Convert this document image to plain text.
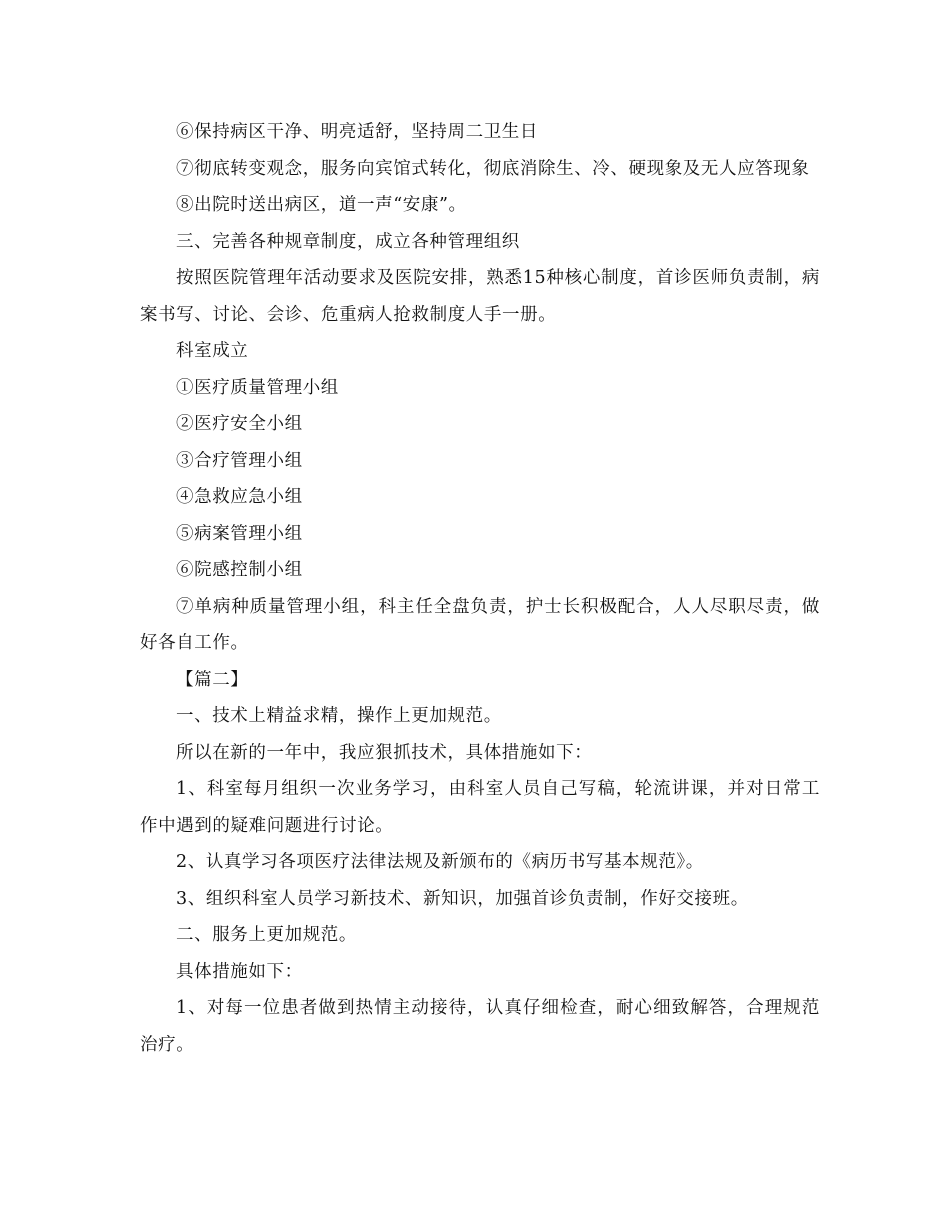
⑥保持病区干净、明亮适舒，坚持周二卫生日

⑦彻底转变观念，服务向宾馆式转化，彻底消除生、冷、硬现象及无人应答现象

⑧出院时送出病区，道一声“安康”。

三、完善各种规章制度，成立各种管理组织

按照医院管理年活动要求及医院安排，熟悉15种核心制度，首诊医师负责制，病案书写、讨论、会诊、危重病人抢救制度人手一册。

科室成立

①医疗质量管理小组

②医疗安全小组

③合疗管理小组

④急救应急小组

⑤病案管理小组

⑥院感控制小组

⑦单病种质量管理小组，科主任全盘负责，护士长积极配合，人人尽职尽责，做好各自工作。

【篇二】

一、技术上精益求精，操作上更加规范。

所以在新的一年中，我应狠抓技术，具体措施如下：

1、科室每月组织一次业务学习，由科室人员自己写稿，轮流讲课，并对日常工作中遇到的疑难问题进行讨论。

2、认真学习各项医疗法律法规及新颁布的《病历书写基本规范》。

3、组织科室人员学习新技术、新知识，加强首诊负责制，作好交接班。

二、服务上更加规范。

具体措施如下：

1、对每一位患者做到热情主动接待，认真仔细检查，耐心细致解答，合理规范治疗。
